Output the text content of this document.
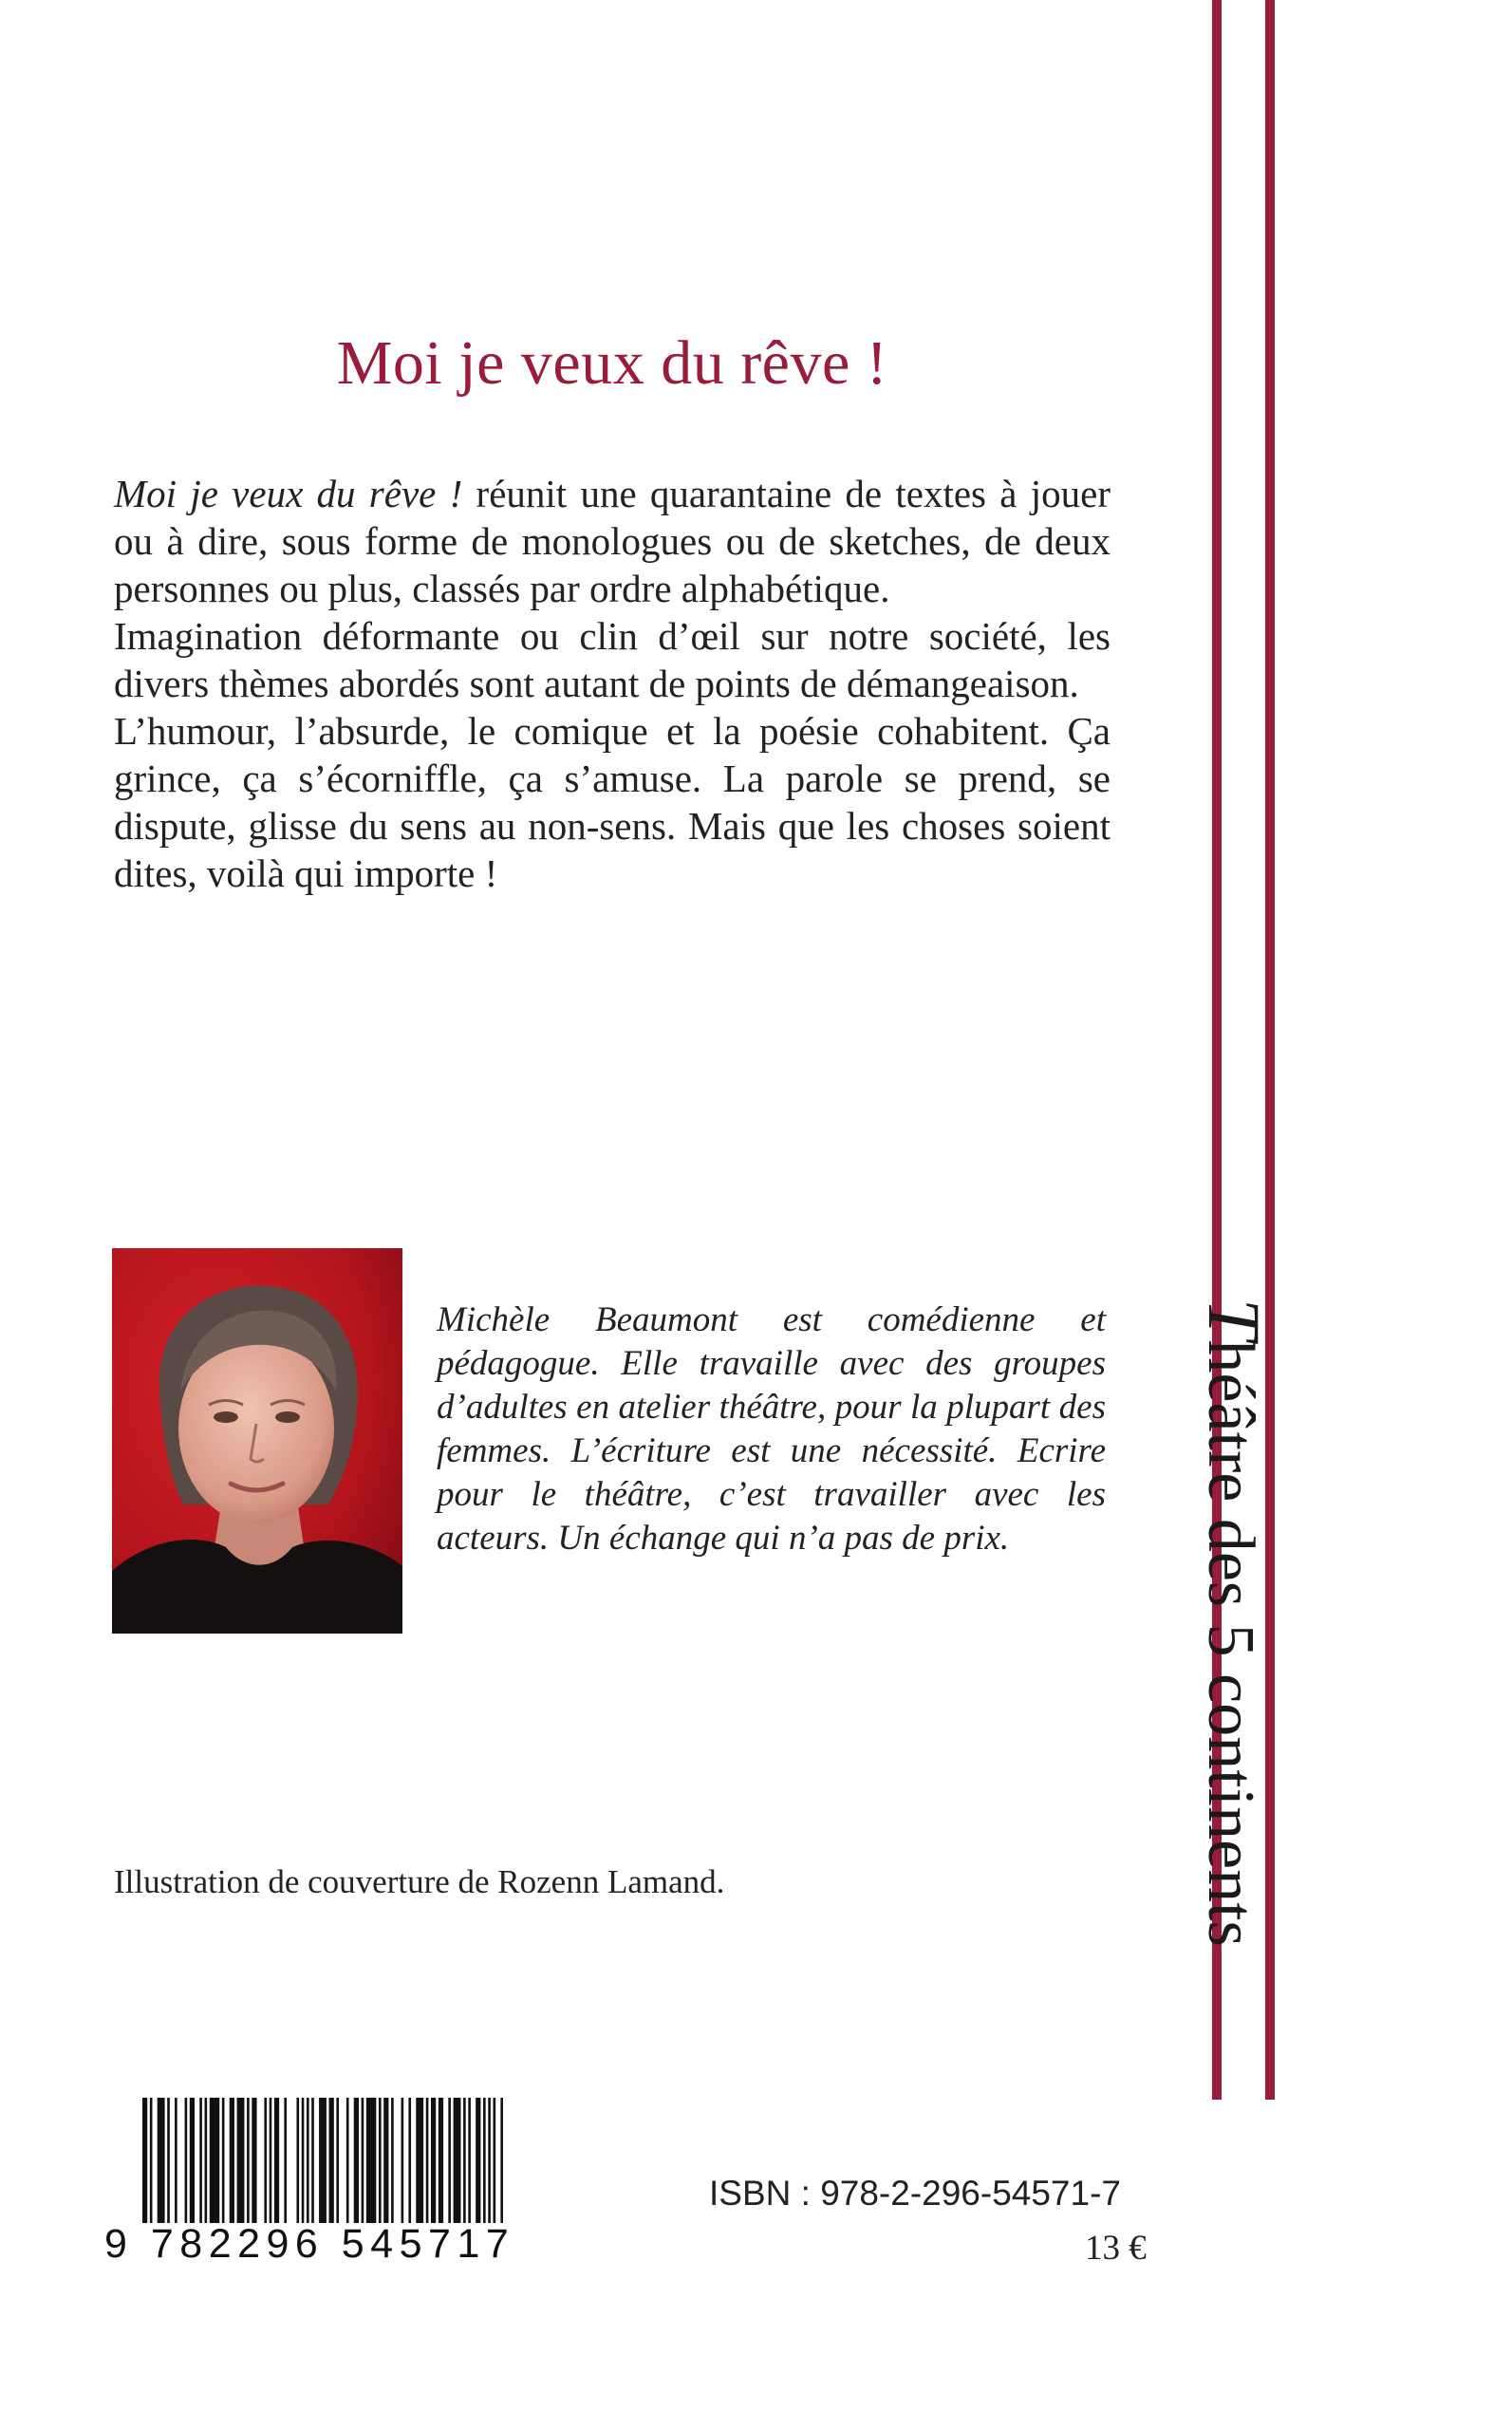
Moi je veux du rêve !

Moi je veux du rêve ! réunit une quarantaine de textes à jouer ou à dire, sous forme de monologues ou de sketches, de deux personnes ou plus, classés par ordre alphabétique.

Imagination déformante ou clin d’œil sur notre société, les divers thèmes abordés sont autant de points de démangeaison.

L’humour, l’absurde, le comique et la poésie cohabitent. Ça grince, ça s’écorniffle, ça s’amuse. La parole se prend, se dispute, glisse du sens au non-sens. Mais que les choses soient dites, voilà qui importe !

Michèle Beaumont est comédienne et pédagogue. Elle travaille avec des groupes d’adultes en atelier théâtre, pour la plupart des femmes. L’écriture est une nécessité. Ecrire pour le théâtre, c’est travailler avec les acteurs. Un échange qui n’a pas de prix.

Illustration de couverture de Rozenn Lamand.

Théâtre des 5 continents
9 782296 545717

ISBN : 978-2-296-54571-7

13 €
